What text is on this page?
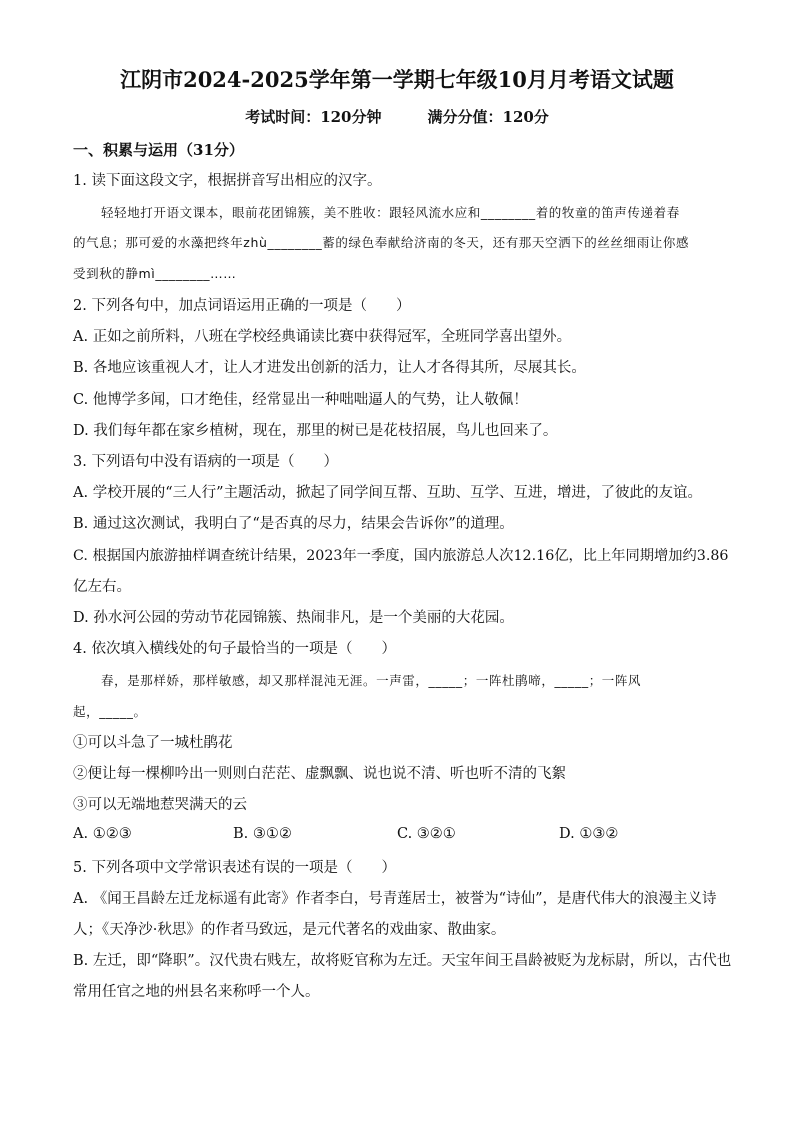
江阴市2024-2025学年第一学期七年级10月月考语文试题
考试时间：120分钟	满分分值：120分
一、积累与运用（31分）
1. 读下面这段文字，根据拼音写出相应的汉字。
轻轻地打开语文课本，眼前花团锦簇，美不胜收：跟轻风流水应和________着的牧童的笛声传递着春
的气息；那可爱的水藻把终年zhù________蓄的绿色奉献给济南的冬天，还有那天空洒下的丝丝细雨让你感
受到秋的静mì________……
2. 下列各句中，加点词语运用正确的一项是（　　）
A. 正如之前所料，八班在学校经典诵读比赛中获得冠军，全班同学喜出望外。
B. 各地应该重视人才，让人才进发出创新的活力，让人才各得其所，尽展其长。
C. 他博学多闻，口才绝佳，经常显出一种咄咄逼人的气势，让人敬佩！
D. 我们每年都在家乡植树，现在，那里的树已是花枝招展，鸟儿也回来了。
3. 下列语句中没有语病的一项是（　　）
A. 学校开展的“三人行”主题活动，掀起了同学间互帮、互助、互学、互进，增进，了彼此的友谊。
B. 通过这次测试，我明白了“是否真的尽力，结果会告诉你”的道理。
C. 根据国内旅游抽样调查统计结果，2023年一季度，国内旅游总人次12.16亿，比上年同期增加约3.86
亿左右。
D. 孙水河公园的劳动节花园锦簇、热闹非凡，是一个美丽的大花园。
4. 依次填入横线处的句子最恰当的一项是（　　）
春，是那样娇，那样敏感，却又那样混沌无涯。一声雷，_____；一阵杜鹃啼，_____；一阵风
起，_____。
①可以斗急了一城杜鹃花
②便让每一棵柳吟出一则则白茫茫、虚飘飘、说也说不清、听也听不清的飞絮
③可以无端地惹哭满天的云
A. ①②③	B. ③①②	C. ③②①	D. ①③②
5. 下列各项中文学常识表述有误的一项是（　　）
A. 《闻王昌龄左迁龙标遥有此寄》作者李白，号青莲居士，被誉为“诗仙”，是唐代伟大的浪漫主义诗
人；《天净沙·秋思》的作者马致远，是元代著名的戏曲家、散曲家。
B. 左迁，即“降职”。汉代贵右贱左，故将贬官称为左迁。天宝年间王昌龄被贬为龙标尉，所以，古代也
常用任官之地的州县名来称呼一个人。
